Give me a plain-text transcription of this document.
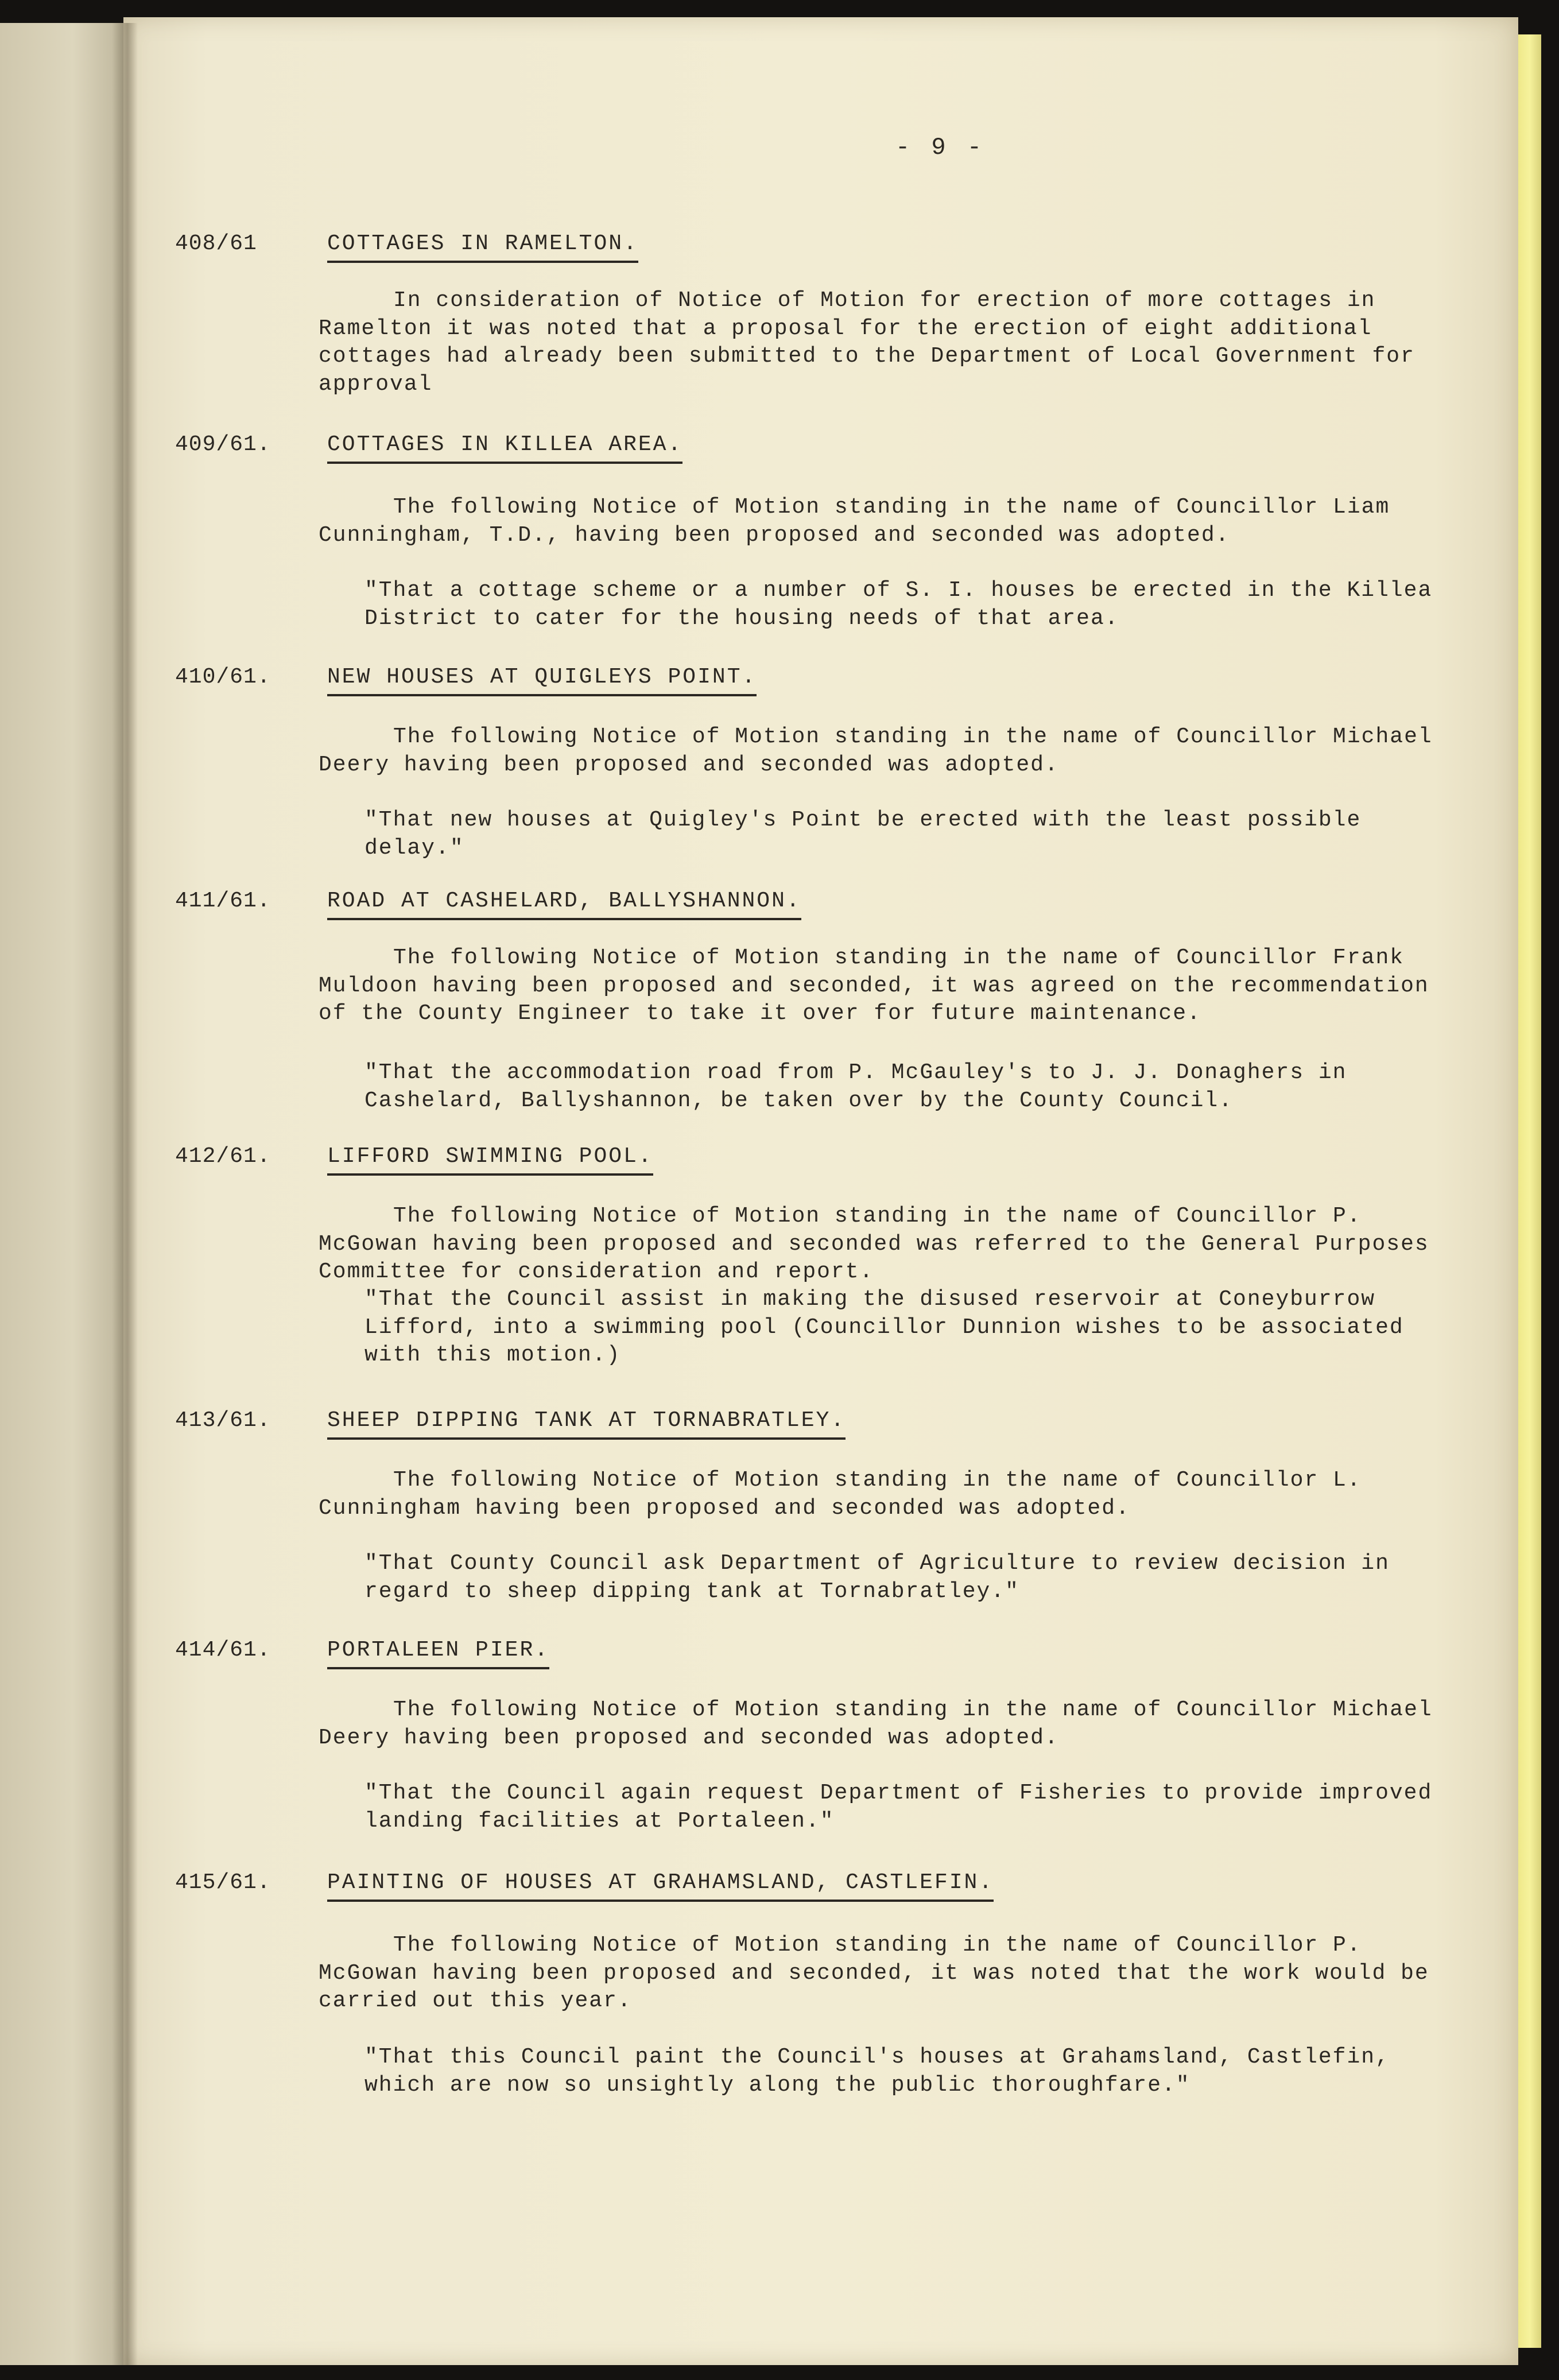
- 9 -
408/61	COTTAGES IN RAMELTON.

In consideration of Notice of Motion for erection of more cottages in Ramelton it was noted that a proposal for the erection of eight additional cottages had already been submitted to the Department of Local Government for approval

409/61.	COTTAGES IN KILLEA AREA.

The following Notice of Motion standing in the name of Councillor Liam Cunningham, T.D., having been proposed and seconded was adopted.

"That a cottage scheme or a number of S. I. houses be erected in the Killea District to cater for the housing needs of that area.

410/61.	NEW HOUSES AT QUIGLEYS POINT.

The following Notice of Motion standing in the name of Councillor Michael Deery having been proposed and seconded was adopted.

"That new houses at Quigley's Point be erected with the least possible delay."

411/61.	ROAD AT CASHELARD, BALLYSHANNON.

The following Notice of Motion standing in the name of Councillor Frank Muldoon having been proposed and seconded, it was agreed on the recommendation of the County Engineer to take it over for future maintenance.

"That the accommodation road from P. McGauley's to J. J. Donaghers in Cashelard, Ballyshannon, be taken over by the County Council.

412/61.	LIFFORD SWIMMING POOL.

The following Notice of Motion standing in the name of Councillor P. McGowan having been proposed and seconded was referred to the General Purposes Committee for consideration and report.

"That the Council assist in making the disused reservoir at Coneyburrow Lifford, into a swimming pool (Councillor Dunnion wishes to be associated with this motion.)

413/61.	SHEEP DIPPING TANK AT TORNABRATLEY.

The following Notice of Motion standing in the name of Councillor L. Cunningham having been proposed and seconded was adopted.

"That County Council ask Department of Agriculture to review decision in regard to sheep dipping tank at Tornabratley."

414/61.	PORTALEEN PIER.

The following Notice of Motion standing in the name of Councillor Michael Deery having been proposed and seconded was adopted.

"That the Council again request Department of Fisheries to provide improved landing facilities at Portaleen."

415/61.	PAINTING OF HOUSES AT GRAHAMSLAND, CASTLEFIN.

The following Notice of Motion standing in the name of Councillor P. McGowan having been proposed and seconded, it was noted that the work would be carried out this year.

"That this Council paint the Council's houses at Grahamsland, Castlefin, which are now so unsightly along the public thoroughfare."
